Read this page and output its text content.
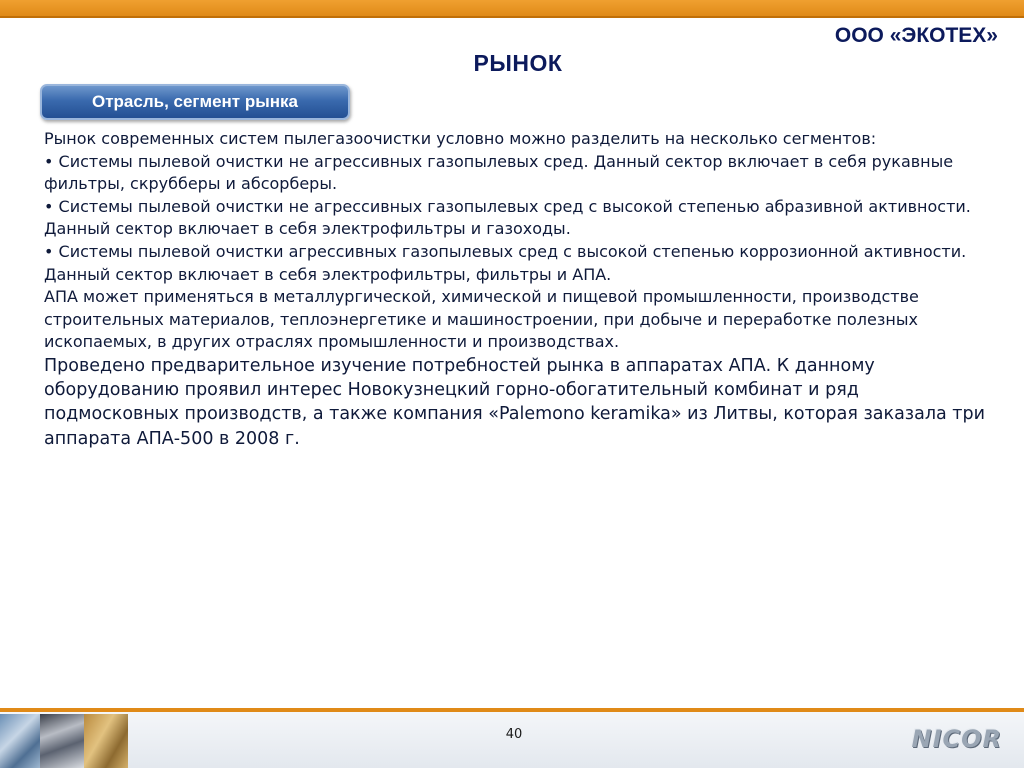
ООО «ЭКОТЕХ»
РЫНОК
Отрасль, сегмент рынка

Рынок современных систем пылегазоочистки условно можно разделить на несколько сегментов:

• Системы пылевой очистки не агрессивных газопылевых сред. Данный сектор включает в себя рукавные фильтры, скрубберы и абсорберы.

• Системы пылевой очистки не агрессивных газопылевых сред с высокой степенью абразивной активности. Данный сектор включает в себя электрофильтры и газоходы.

• Системы пылевой очистки агрессивных газопылевых сред с высокой степенью коррозионной активности. Данный сектор включает в себя электрофильтры, фильтры и АПА.

АПА может применяться в металлургической, химической и пищевой промышленности, производстве строительных материалов, теплоэнергетике и машиностроении, при добыче и переработке полезных ископаемых, в других отраслях промышленности и производствах.

Проведено предварительное изучение потребностей рынка в аппаратах АПА. К данному оборудованию проявил интерес Новокузнецкий горно-обогатительный комбинат и ряд подмосковных производств, а также компания «Palemono keramika» из Литвы, которая заказала три аппарата АПА-500 в 2008 г.

40	NICOR
